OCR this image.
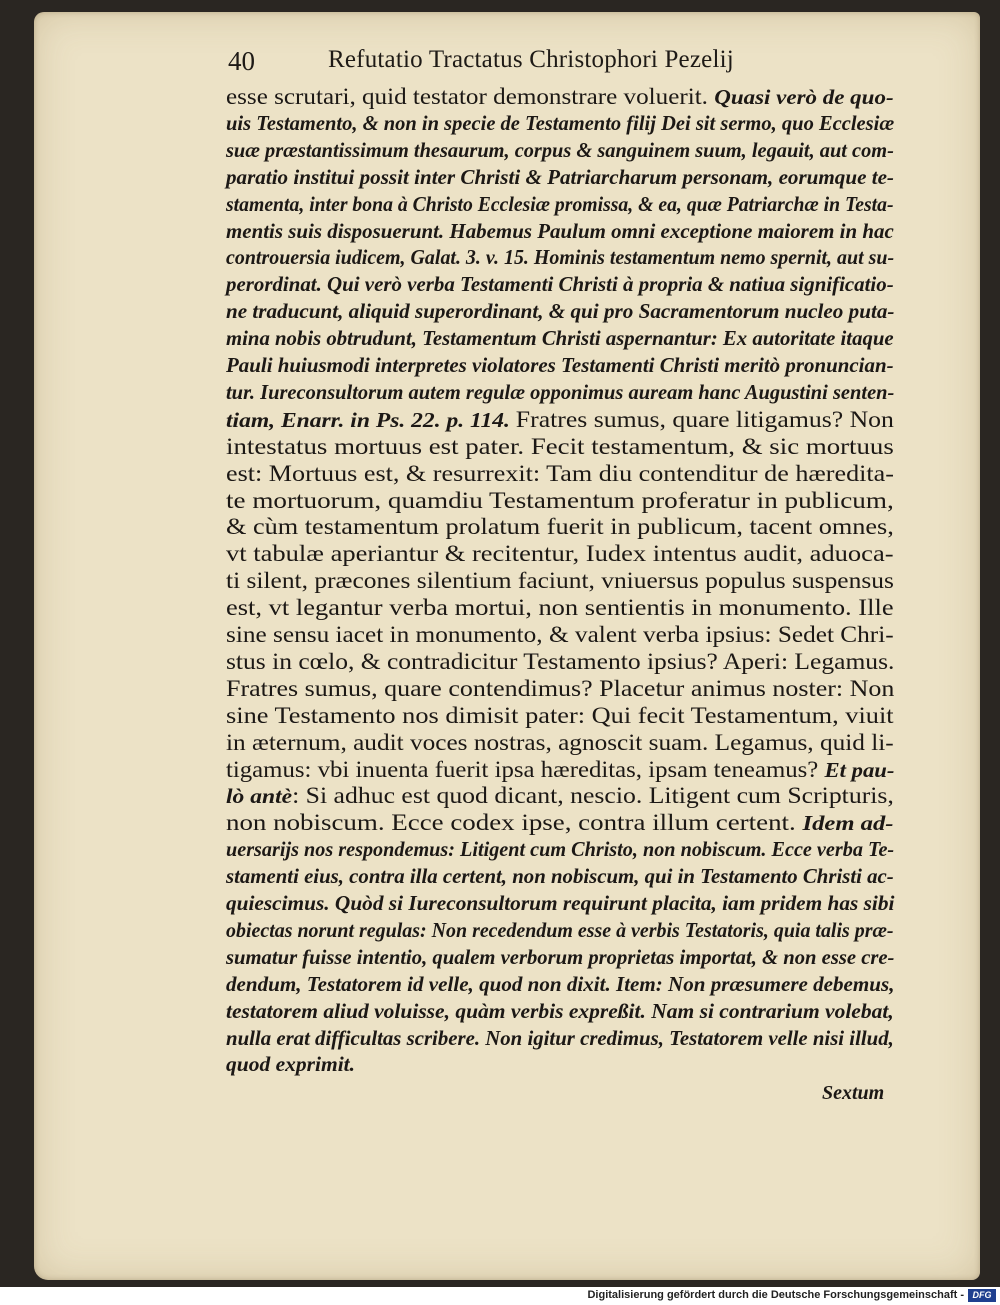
40	Refutatio Tractatus Christophori Pezelij
esse scrutari, quid testator demonstrare voluerit. Quasi verò de quo-
uis Testamento, & non in specie de Testamento filij Dei sit sermo, quo Ecclesiæ
suæ præstantissimum thesaurum, corpus & sanguinem suum, legauit, aut com-
paratio institui possit inter Christi & Patriarcharum personam, eorumque te-
stamenta, inter bona à Christo Ecclesiæ promissa, & ea, quæ Patriarchæ in Testa-
mentis suis disposuerunt. Habemus Paulum omni exceptione maiorem in hac
controuersia iudicem, Galat. 3. v. 15. Hominis testamentum nemo spernit, aut su-
perordinat. Qui verò verba Testamenti Christi à propria & natiua significatio-
ne traducunt, aliquid superordinant, & qui pro Sacramentorum nucleo puta-
mina nobis obtrudunt, Testamentum Christi aspernantur: Ex autoritate itaque
Pauli huiusmodi interpretes violatores Testamenti Christi meritò pronuncian-
tur. Iureconsultorum autem regulæ opponimus auream hanc Augustini senten-
tiam, Enarr. in Ps. 22. p. 114. Fratres sumus, quare litigamus? Non
intestatus mortuus est pater. Fecit testamentum, & sic mortuus
est: Mortuus est, & resurrexit: Tam diu contenditur de hæredita-
te mortuorum, quamdiu Testamentum proferatur in publicum,
& cùm testamentum prolatum fuerit in publicum, tacent omnes,
vt tabulæ aperiantur & recitentur, Iudex intentus audit, aduoca-
ti silent, præcones silentium faciunt, vniuersus populus suspensus
est, vt legantur verba mortui, non sentientis in monumento. Ille
sine sensu iacet in monumento, & valent verba ipsius: Sedet Chri-
stus in cœlo, & contradicitur Testamento ipsius? Aperi: Legamus.
Fratres sumus, quare contendimus? Placetur animus noster: Non
sine Testamento nos dimisit pater: Qui fecit Testamentum, viuit
in æternum, audit voces nostras, agnoscit suam. Legamus, quid li-
tigamus: vbi inuenta fuerit ipsa hæreditas, ipsam teneamus? Et pau-
lò antè: Si adhuc est quod dicant, nescio. Litigent cum Scripturis,
non nobiscum. Ecce codex ipse, contra illum certent. Idem ad-
uersarijs nos respondemus: Litigent cum Christo, non nobiscum. Ecce verba Te-
stamenti eius, contra illa certent, non nobiscum, qui in Testamento Christi ac-
quiescimus. Quòd si Iureconsultorum requirunt placita, iam pridem has sibi
obiectas norunt regulas: Non recedendum esse à verbis Testatoris, quia talis præ-
sumatur fuisse intentio, qualem verborum proprietas importat, & non esse cre-
dendum, Testatorem id velle, quod non dixit. Item: Non præsumere debemus,
testatorem aliud voluisse, quàm verbis expreßit. Nam si contrarium volebat,
nulla erat difficultas scribere. Non igitur credimus, Testatorem velle nisi illud,
quod exprimit.
Sextum
Digitalisierung gefördert durch die Deutsche Forschungsgemeinschaft - DFG
